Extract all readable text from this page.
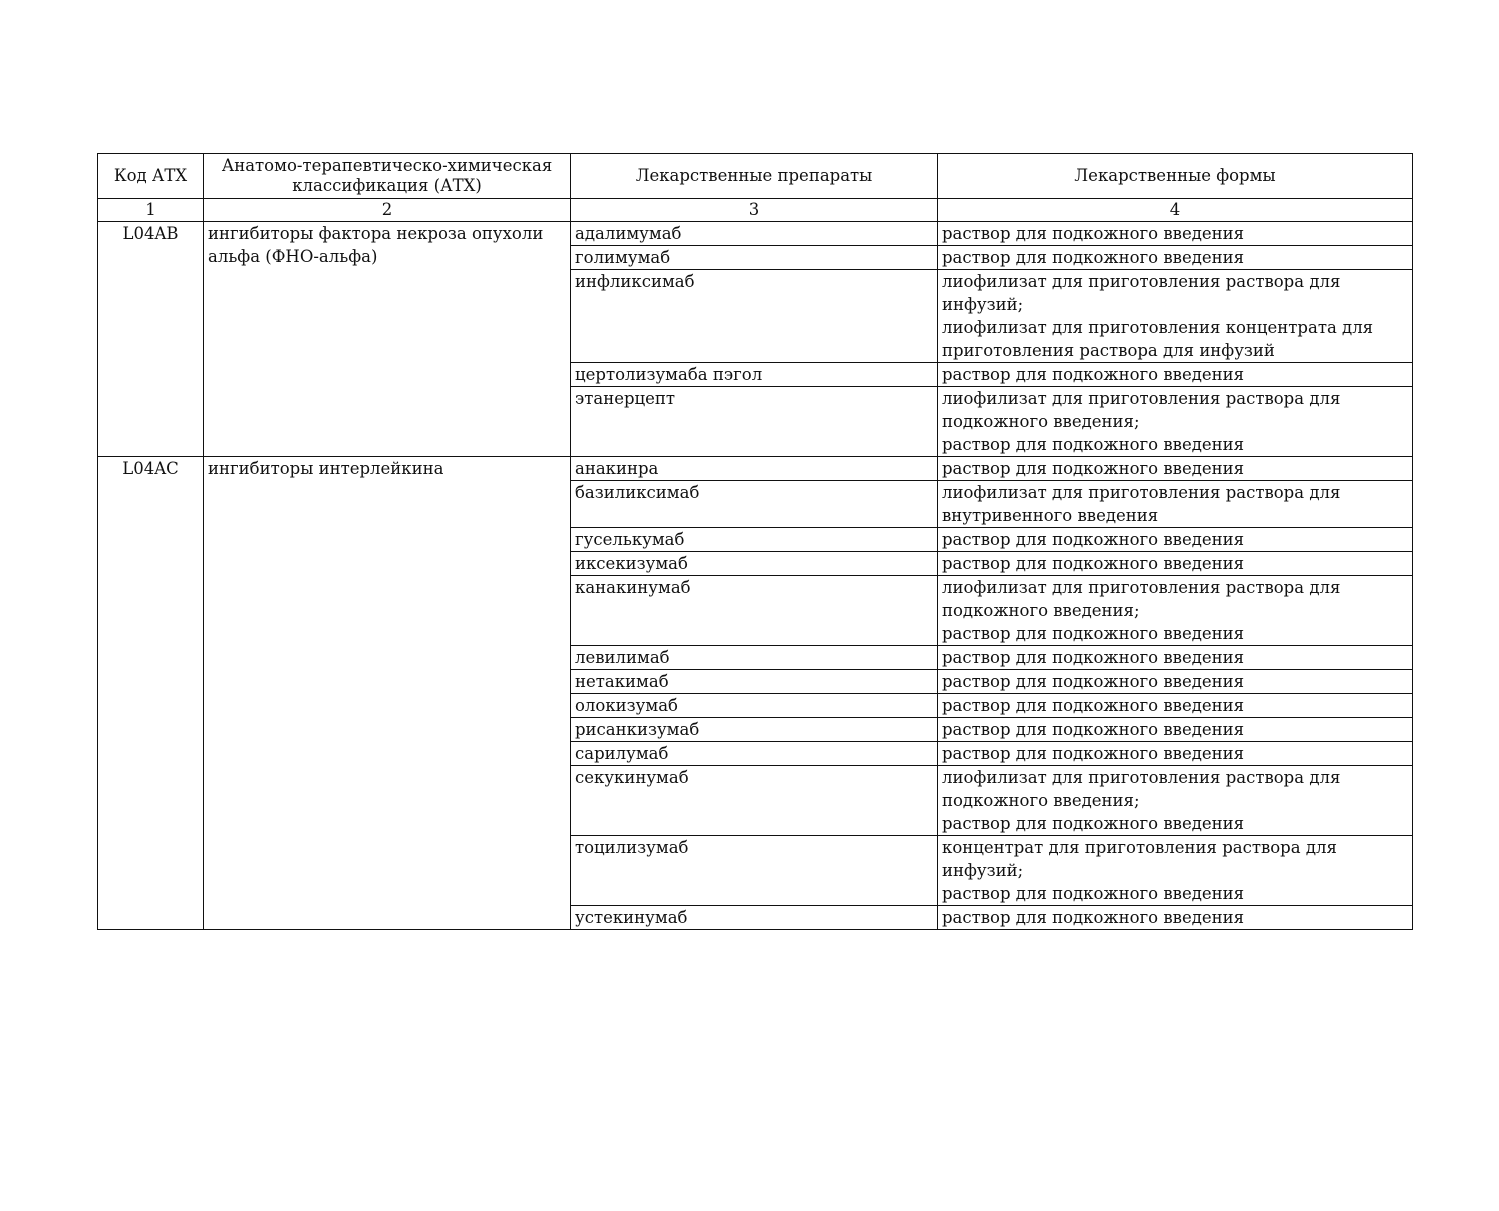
Код АТХ	Анатомо-терапевтическо-химическая классификация (АТХ)	Лекарственные препараты	Лекарственные формы
1	2	3	4
L04AB	ингибиторы фактора некроза опухоли альфа (ФНО-альфа)	адалимумаб	раствор для подкожного введения

		голимумаб	раствор для подкожного введения

		инфликсимаб	лиофилизат для приготовления раствора для инфузий;
лиофилизат для приготовления концентрата для приготовления раствора для инфузий

		цертолизумаба пэгол	раствор для подкожного введения

		этанерцепт	лиофилизат для приготовления раствора для подкожного введения;
раствор для подкожного введения

L04AC	ингибиторы интерлейкина	анакинра	раствор для подкожного введения

		базиликсимаб	лиофилизат для приготовления раствора для внутривенного введения

		гуселькумаб	раствор для подкожного введения

		иксекизумаб	раствор для подкожного введения

		канакинумаб	лиофилизат для приготовления раствора для подкожного введения;
раствор для подкожного введения

		левилимаб	раствор для подкожного введения

		нетакимаб	раствор для подкожного введения

		олокизумаб	раствор для подкожного введения

		рисанкизумаб	раствор для подкожного введения

		сарилумаб	раствор для подкожного введения

		секукинумаб	лиофилизат для приготовления раствора для подкожного введения;
раствор для подкожного введения

		тоцилизумаб	концентрат для приготовления раствора для инфузий;
раствор для подкожного введения

		устекинумаб	раствор для подкожного введения
